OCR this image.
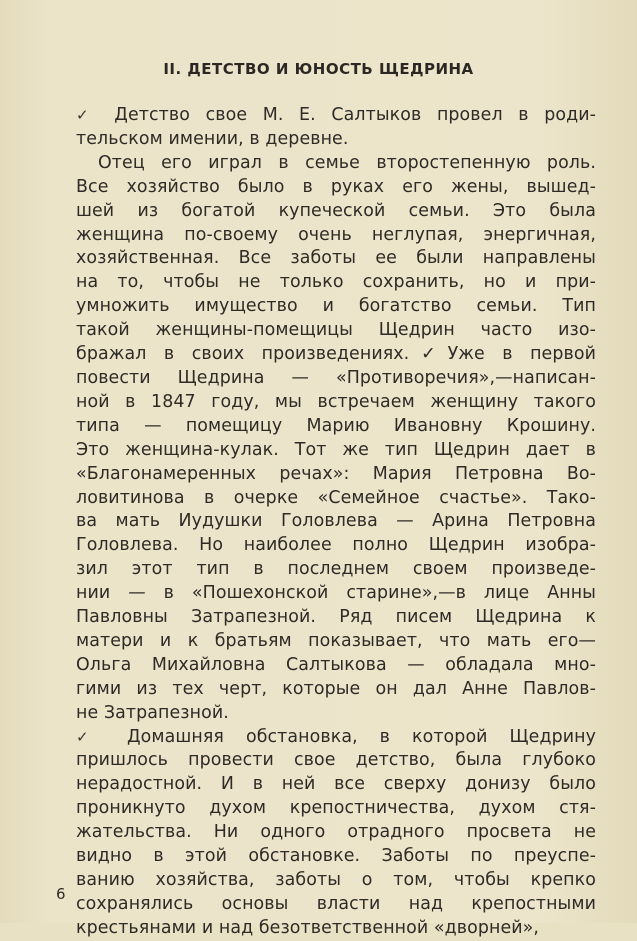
II. ДЕТСТВО И ЮНОСТЬ ЩЕДРИНА
✓ Детство свое М. Е. Салтыков провел в роди-
тельском имении, в деревне.
Отец его играл в семье второстепенную роль.
Все хозяйство было в руках его жены, вышед-
шей из богатой купеческой семьи. Это была
женщина по-своему очень неглупая, энергичная,
хозяйственная. Все заботы ее были направлены
на то, чтобы не только сохранить, но и при-
умножить имущество и богатство семьи. Тип
такой женщины-помещицы Щедрин часто изо-
бражал в своих произведениях.✓Уже в первой
повести Щедрина — «Противоречия»,—написан-
ной в 1847 году, мы встречаем женщину такого
типа — помещицу Марию Ивановну Крошину.
Это женщина-кулак. Тот же тип Щедрин дает в
«Благонамеренных речах»: Мария Петровна Во-
ловитинова в очерке «Семейное счастье». Тако-
ва мать Иудушки Головлева — Арина Петровна
Головлева. Но наиболее полно Щедрин изобра-
зил этот тип в последнем своем произведе-
нии — в «Пошехонской старине»,—в лице Анны
Павловны Затрапезной. Ряд писем Щедрина к
матери и к братьям показывает, что мать его—
Ольга Михайловна Салтыкова — обладала мно-
гими из тех черт, которые он дал Анне Павлов-
не Затрапезной.
✓ Домашняя обстановка, в которой Щедрину
пришлось провести свое детство, была глубоко
нерадостной. И в ней все сверху донизу было
проникнуто духом крепостничества, духом стя-
жательства. Ни одного отрадного просвета не
видно в этой обстановке. Заботы по преуспе-
ванию хозяйства, заботы о том, чтобы крепко
сохранялись основы власти над крепостными
крестьянами и над безответственной «дворней»,
6
